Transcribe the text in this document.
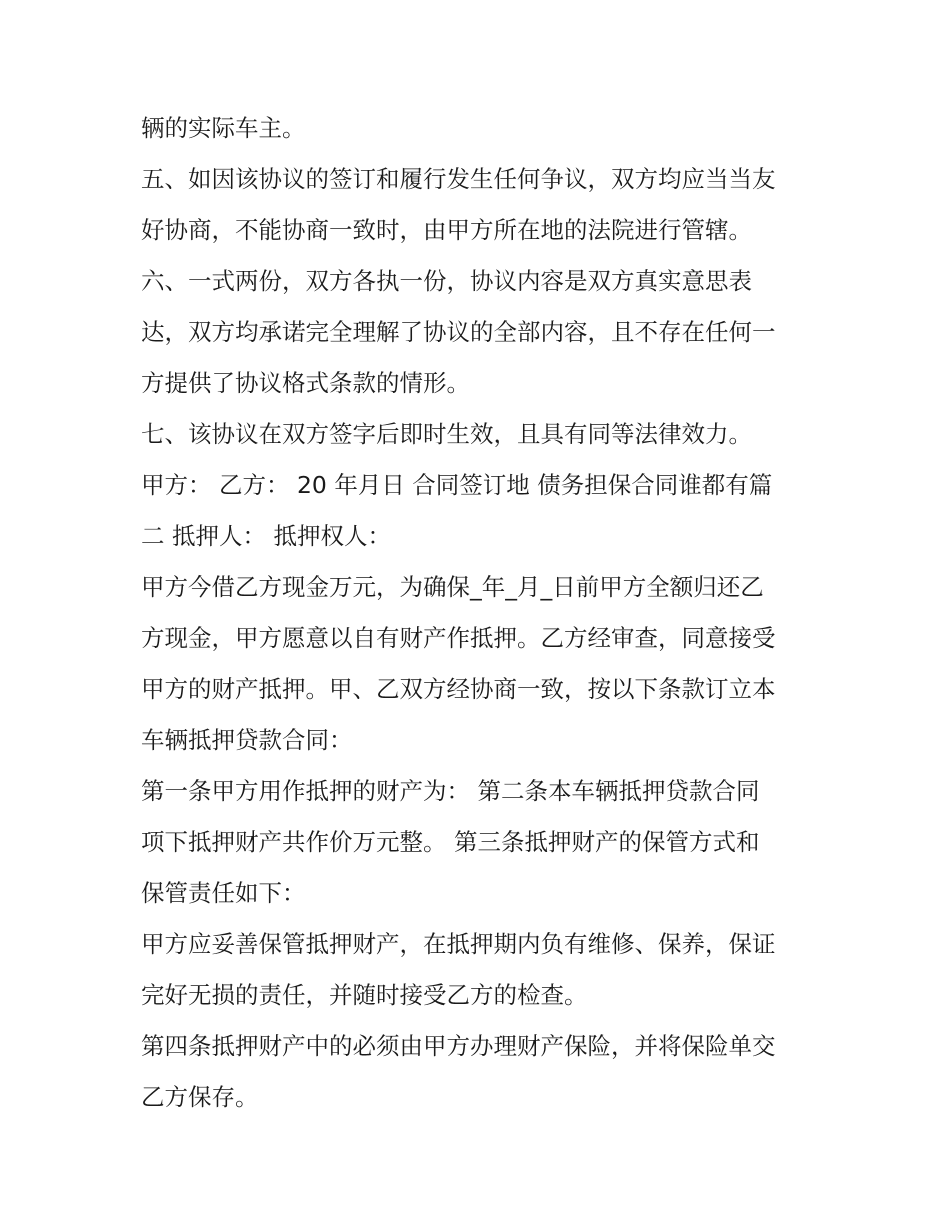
辆的实际车主。
五、如因该协议的签订和履行发生任何争议，双方均应当当友
好协商，不能协商一致时，由甲方所在地的法院进行管辖。
六、一式两份，双方各执一份，协议内容是双方真实意思表
达，双方均承诺完全理解了协议的全部内容，且不存在任何一
方提供了协议格式条款的情形。
七、该协议在双方签字后即时生效，且具有同等法律效力。
甲方： 乙方： 20 年月日 合同签订地 债务担保合同谁都有篇
二 抵押人： 抵押权人：
甲方今借乙方现金万元，为确保_年_月_日前甲方全额归还乙
方现金，甲方愿意以自有财产作抵押。乙方经审查，同意接受
甲方的财产抵押。甲、乙双方经协商一致，按以下条款订立本
车辆抵押贷款合同：
第一条甲方用作抵押的财产为： 第二条本车辆抵押贷款合同
项下抵押财产共作价万元整。 第三条抵押财产的保管方式和
保管责任如下：
甲方应妥善保管抵押财产，在抵押期内负有维修、保养，保证
完好无损的责任，并随时接受乙方的检查。
第四条抵押财产中的必须由甲方办理财产保险，并将保险单交
乙方保存。
